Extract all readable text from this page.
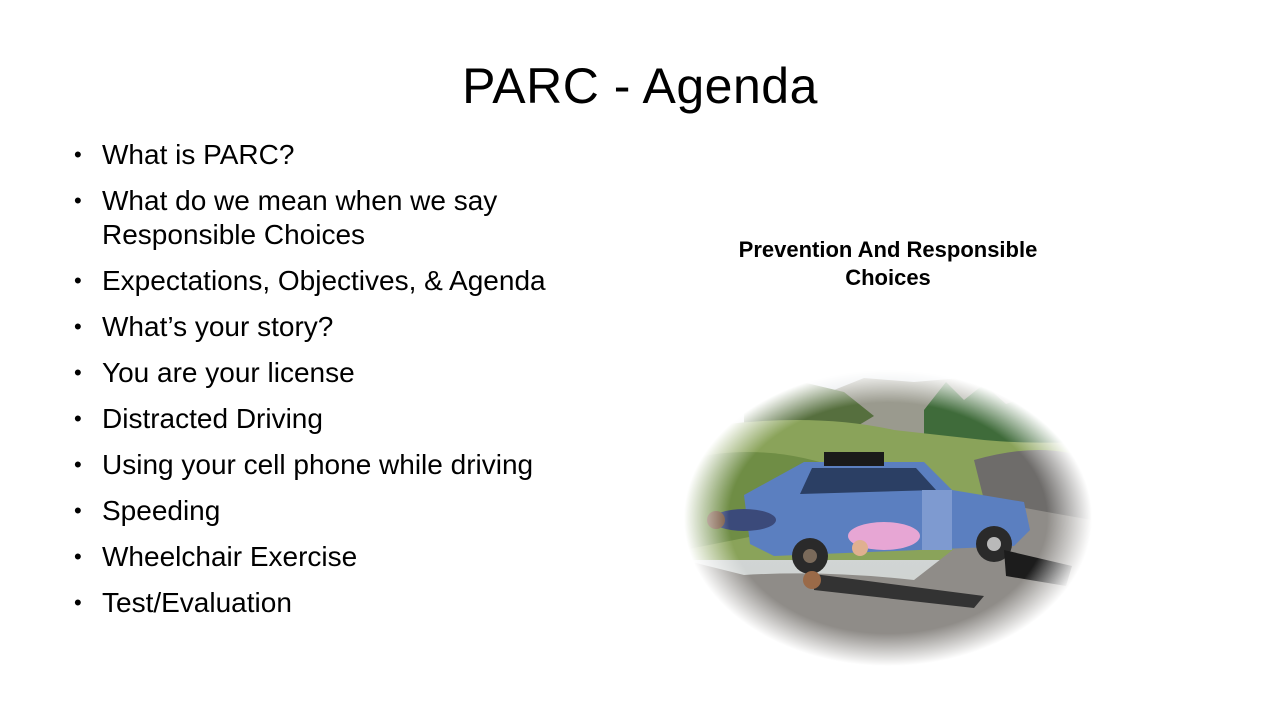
PARC - Agenda
• What is PARC?
• What do we mean when we say Responsible Choices
• Expectations, Objectives, & Agenda
• What’s your story?
• You are your license
• Distracted Driving
• Using your cell phone while driving
• Speeding
• Wheelchair Exercise
• Test/Evaluation
Prevention And Responsible Choices
